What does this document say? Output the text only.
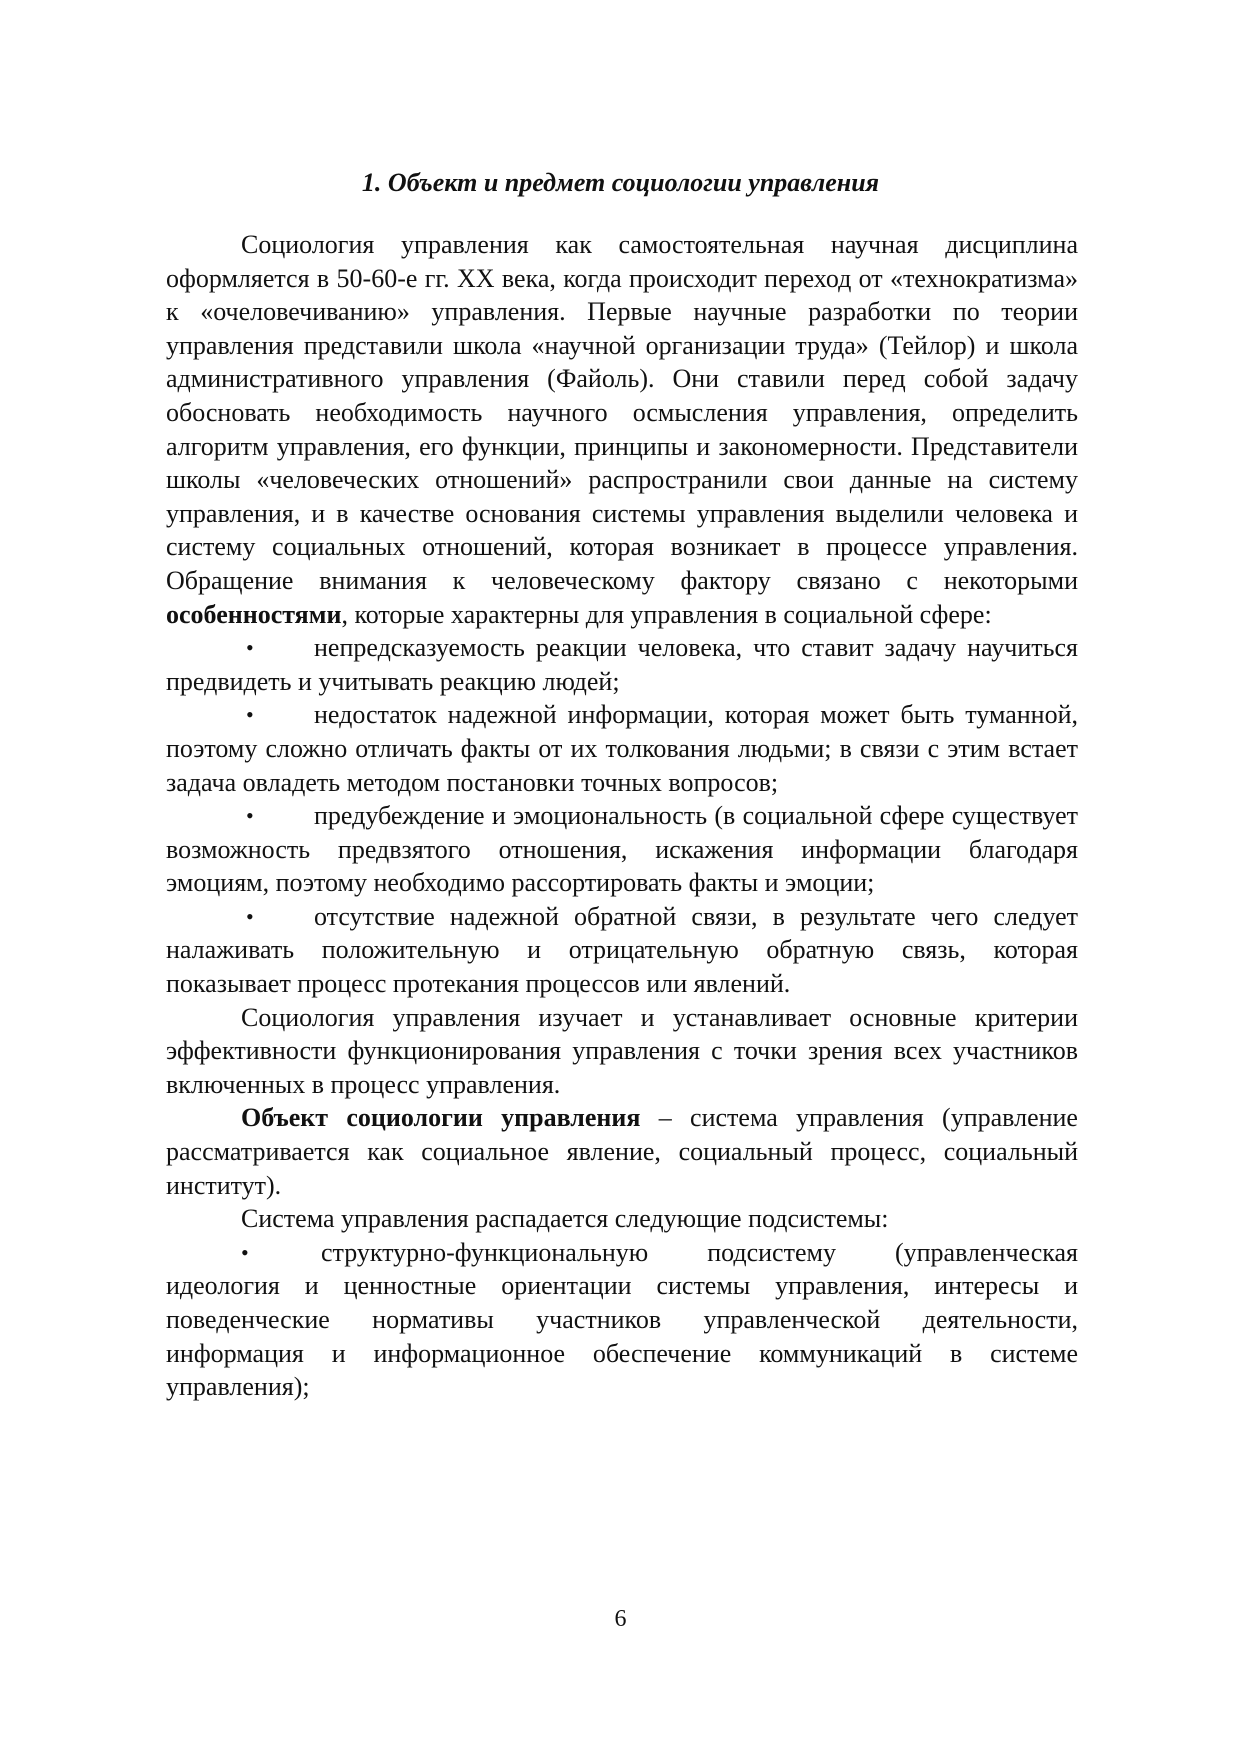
1. Объект и предмет социологии управления

Социология управления как самостоятельная научная дисциплина оформляется в 50-60-е гг. XX века, когда происходит переход от «технократизма» к «очеловечиванию» управления. Первые научные разработки по теории управления представили школа «научной организации труда» (Тейлор) и школа административного управления (Файоль). Они ставили перед собой задачу обосновать необходимость научного осмысления управления, определить алгоритм управления, его функции, принципы и закономерности. Представители школы «человеческих отношений» распространили свои данные на систему управления, и в качестве основания системы управления выделили человека и систему социальных отношений, которая возникает в процессе управления. Обращение внимания к человеческому фактору связано с некоторыми особенностями, которые характерны для управления в социальной сфере:

• непредсказуемость реакции человека, что ставит задачу научиться предвидеть и учитывать реакцию людей;

• недостаток надежной информации, которая может быть туманной, поэтому сложно отличать факты от их толкования людьми; в связи с этим встает задача овладеть методом постановки точных вопросов;

• предубеждение и эмоциональность (в социальной сфере существует возможность предвзятого отношения, искажения информации благодаря эмоциям, поэтому необходимо рассортировать факты и эмоции;

• отсутствие надежной обратной связи, в результате чего следует налаживать положительную и отрицательную обратную связь, которая показывает процесс протекания процессов или явлений.

Социология управления изучает и устанавливает основные критерии эффективности функционирования управления с точки зрения всех участников включенных в процесс управления.

Объект социологии управления – система управления (управление рассматривается как социальное явление, социальный процесс, социальный институт).

Система управления распадается следующие подсистемы:

•	структурно-функциональную подсистему (управленческая идеология и ценностные ориентации системы управления, интересы и поведенческие нормативы участников управленческой деятельности, информация и информационное обеспечение коммуникаций в системе управления);

6
